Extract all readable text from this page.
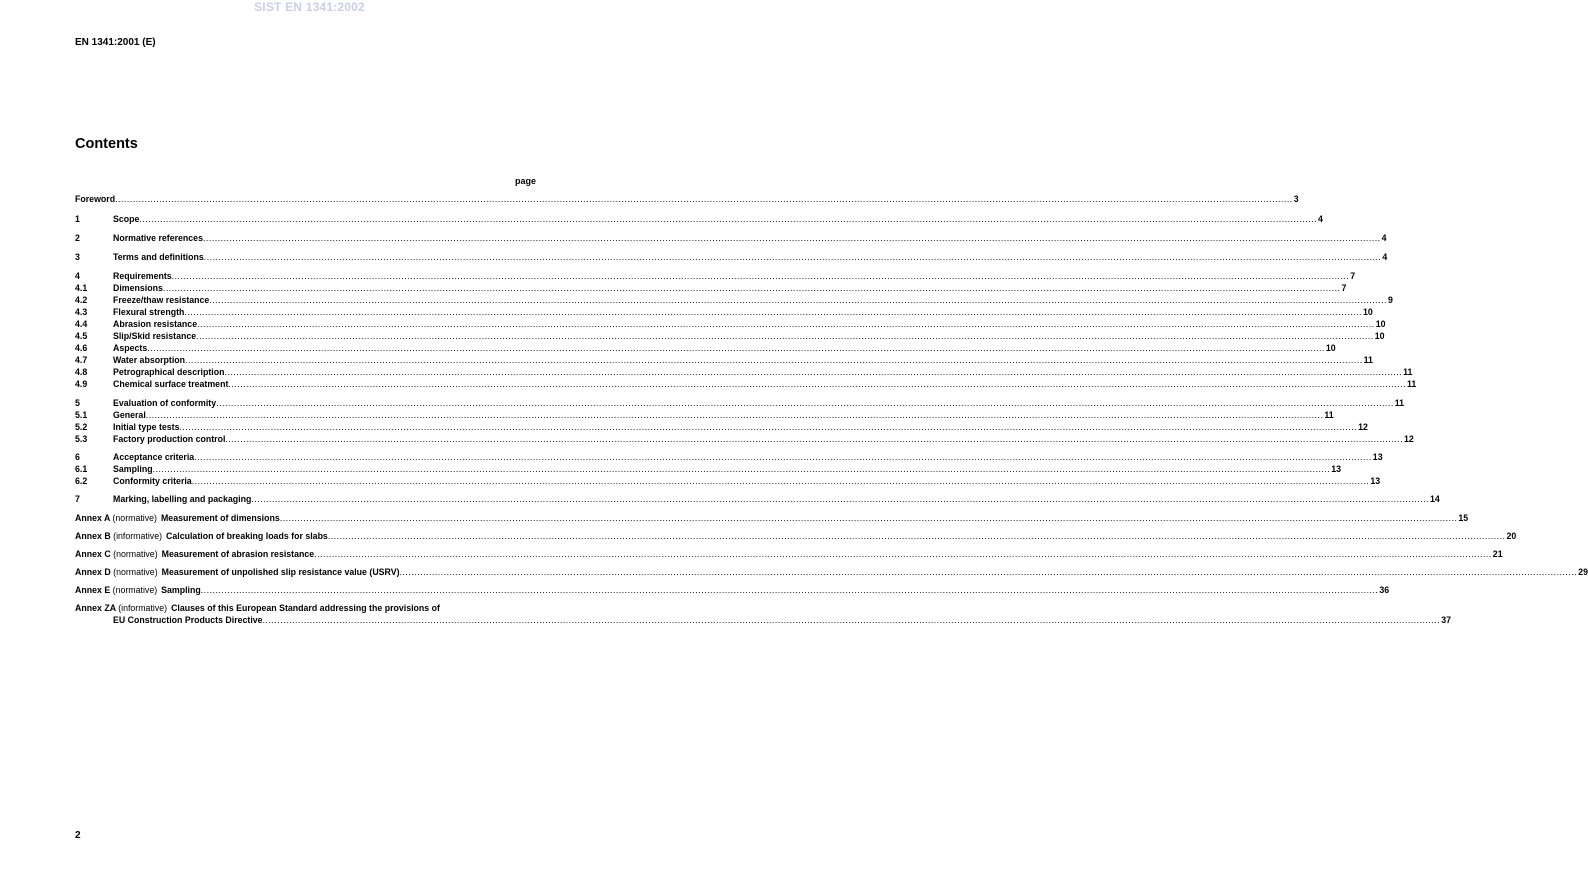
SIST EN 1341:2002
EN 1341:2001 (E)
Contents
page
Foreword ................................................................................................................................................................................................................................................................................................................................................................................................................ 3
1	Scope ................................................................................................................................................................................................................................................................................................................................................................................................................ 4
2	Normative references ................................................................................................................................................................................................................................................................................................................................................................................................................ 4
3	Terms and definitions ................................................................................................................................................................................................................................................................................................................................................................................................................ 4
4	Requirements ................................................................................................................................................................................................................................................................................................................................................................................................................ 7
4.1	Dimensions ................................................................................................................................................................................................................................................................................................................................................................................................................ 7
4.2	Freeze/thaw resistance ................................................................................................................................................................................................................................................................................................................................................................................................................ 9
4.3	Flexural strength ................................................................................................................................................................................................................................................................................................................................................................................................................ 10
4.4	Abrasion resistance ................................................................................................................................................................................................................................................................................................................................................................................................................ 10
4.5	Slip/Skid resistance ................................................................................................................................................................................................................................................................................................................................................................................................................ 10
4.6	Aspects ................................................................................................................................................................................................................................................................................................................................................................................................................ 10
4.7	Water absorption ................................................................................................................................................................................................................................................................................................................................................................................................................ 11
4.8	Petrographical description ................................................................................................................................................................................................................................................................................................................................................................................................................ 11
4.9	Chemical surface treatment ................................................................................................................................................................................................................................................................................................................................................................................................................ 11
5	Evaluation of conformity ................................................................................................................................................................................................................................................................................................................................................................................................................ 11
5.1	General ................................................................................................................................................................................................................................................................................................................................................................................................................ 11
5.2	Initial type tests ................................................................................................................................................................................................................................................................................................................................................................................................................ 12
5.3	Factory production control ................................................................................................................................................................................................................................................................................................................................................................................................................ 12
6	Acceptance criteria ................................................................................................................................................................................................................................................................................................................................................................................................................ 13
6.1	Sampling ................................................................................................................................................................................................................................................................................................................................................................................................................ 13
6.2	Conformity criteria ................................................................................................................................................................................................................................................................................................................................................................................................................ 13
7	Marking, labelling and packaging ................................................................................................................................................................................................................................................................................................................................................................................................................ 14
Annex A (normative) Measurement of dimensions ................................................................................................................................................................................................................................................................................................................................................................................................................ 15
Annex B (informative) Calculation of breaking loads for slabs ................................................................................................................................................................................................................................................................................................................................................................................................................ 20
Annex C (normative) Measurement of abrasion resistance ................................................................................................................................................................................................................................................................................................................................................................................................................ 21
Annex D (normative) Measurement of unpolished slip resistance value (USRV) ................................................................................................................................................................................................................................................................................................................................................................................................................ 29
Annex E (normative) Sampling ................................................................................................................................................................................................................................................................................................................................................................................................................ 36
Annex ZA (informative) Clauses of this European Standard addressing the provisions of
EU Construction Products Directive ................................................................................................................................................................................................................................................................................................................................................................................................................ 37
2
